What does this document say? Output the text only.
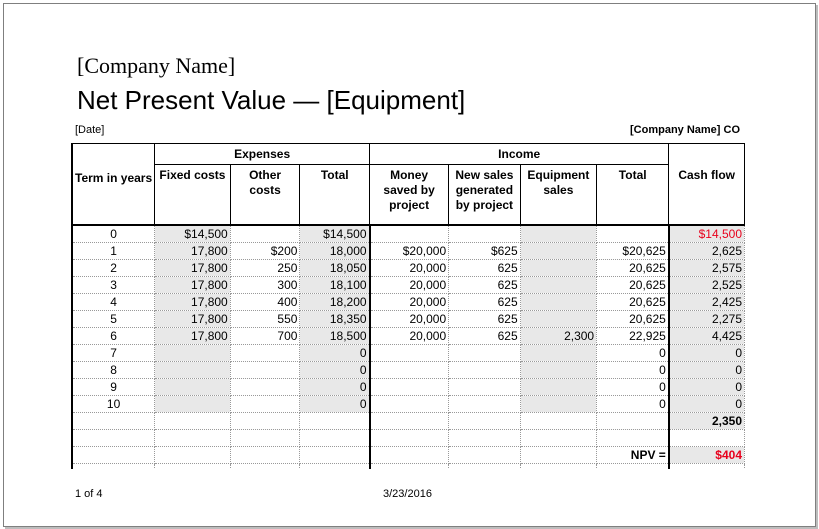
[Company Name]
Net Present Value — [Equipment]
[Date]	[Company Name] CO
Term in years	Expenses			Income				
	Fixed costs	Other costs	Total	Money saved by project	New sales generated by project	Equipment sales	Total	Cash flow
0	$14,500		$14,500					$14,500
1	17,800	$200	18,000	$20,000	$625		$20,625	2,625
2	17,800	250	18,050	20,000	625		20,625	2,575
3	17,800	300	18,100	20,000	625		20,625	2,525
4	17,800	400	18,200	20,000	625		20,625	2,425
5	17,800	550	18,350	20,000	625		20,625	2,275
6	17,800	700	18,500	20,000	625	2,300	22,925	4,425
7			0				0	0
8			0				0	0
9			0				0	0
10			0				0	0
								2,350

							NPV =	$404

1 of 4	3/23/2016
